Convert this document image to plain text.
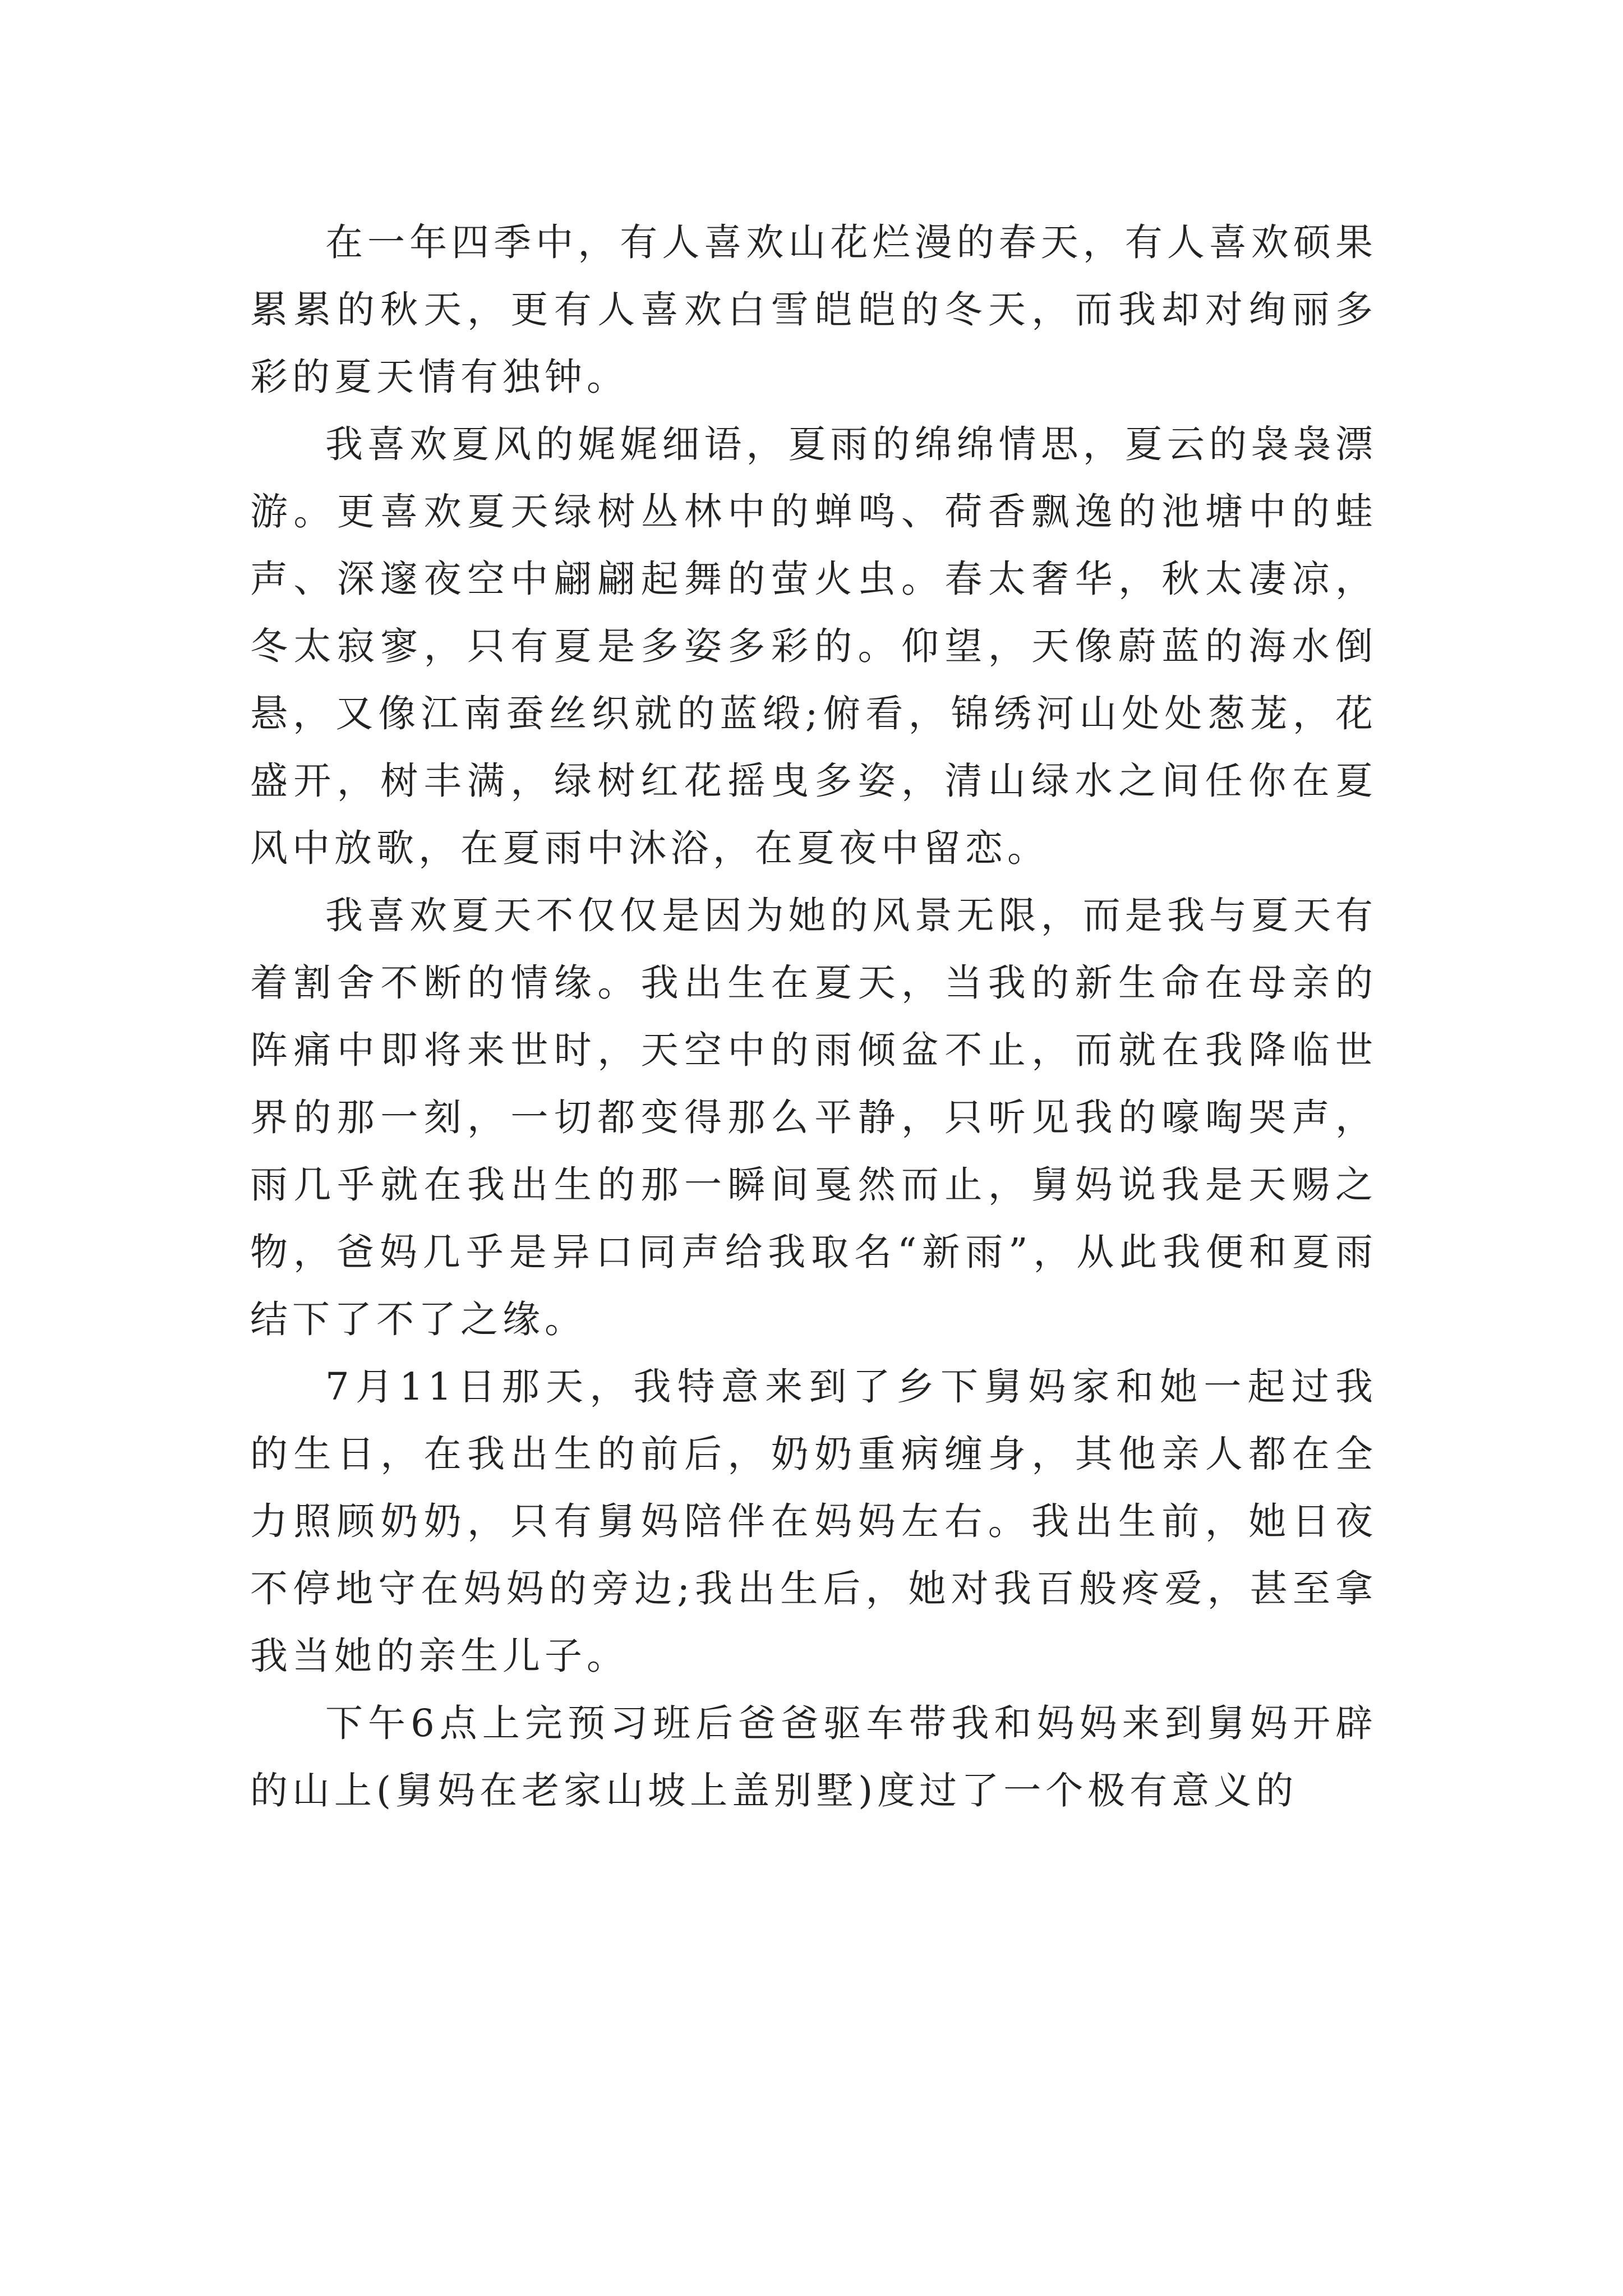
在一年四季中，有人喜欢山花烂漫的春天，有人喜欢硕果累累的秋天，更有人喜欢白雪皑皑的冬天，而我却对绚丽多彩的夏天情有独钟。

我喜欢夏风的娓娓细语，夏雨的绵绵情思，夏云的袅袅漂游。更喜欢夏天绿树丛林中的蝉鸣、荷香飘逸的池塘中的蛙声、深邃夜空中翩翩起舞的萤火虫。春太奢华，秋太凄凉，冬太寂寥，只有夏是多姿多彩的。仰望，天像蔚蓝的海水倒悬，又像江南蚕丝织就的蓝缎;俯看，锦绣河山处处葱茏，花盛开，树丰满，绿树红花摇曳多姿，清山绿水之间任你在夏风中放歌，在夏雨中沐浴，在夏夜中留恋。

我喜欢夏天不仅仅是因为她的风景无限，而是我与夏天有着割舍不断的情缘。我出生在夏天，当我的新生命在母亲的阵痛中即将来世时，天空中的雨倾盆不止，而就在我降临世界的那一刻，一切都变得那么平静，只听见我的嚎啕哭声，雨几乎就在我出生的那一瞬间戛然而止，舅妈说我是天赐之物，爸妈几乎是异口同声给我取名“新雨”，从此我便和夏雨结下了不了之缘。

7月11日那天，我特意来到了乡下舅妈家和她一起过我的生日，在我出生的前后，奶奶重病缠身，其他亲人都在全力照顾奶奶，只有舅妈陪伴在妈妈左右。我出生前，她日夜不停地守在妈妈的旁边;我出生后，她对我百般疼爱，甚至拿我当她的亲生儿子。

下午6点上完预习班后爸爸驱车带我和妈妈来到舅妈开辟的山上(舅妈在老家山坡上盖别墅)度过了一个极有意义的
